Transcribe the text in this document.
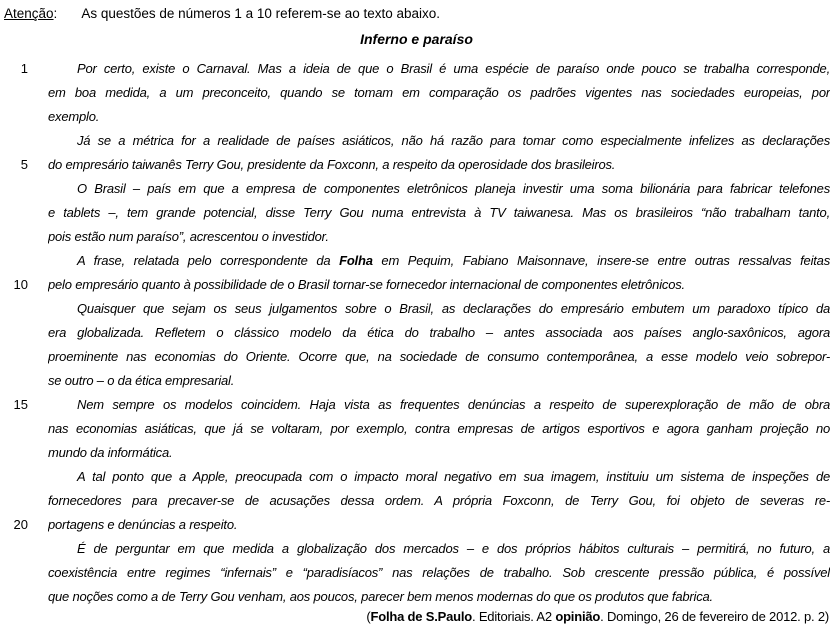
Atenção: As questões de números 1 a 10 referem-se ao texto abaixo.
Inferno e paraíso
1	Por certo, existe o Carnaval. Mas a ideia de que o Brasil é uma espécie de paraíso onde pouco se trabalha corresponde,
em boa medida, a um preconceito, quando se tomam em comparação os padrões vigentes nas sociedades europeias, por
exemplo.
Já se a métrica for a realidade de países asiáticos, não há razão para tomar como especialmente infelizes as declarações
5 do empresário taiwanês Terry Gou, presidente da Foxconn, a respeito da operosidade dos brasileiros.
O Brasil – país em que a empresa de componentes eletrônicos planeja investir uma soma bilionária para fabricar telefones
e tablets –, tem grande potencial, disse Terry Gou numa entrevista à TV taiwanesa. Mas os brasileiros “não trabalham tanto,
pois estão num paraíso”, acrescentou o investidor.
A frase, relatada pelo correspondente da Folha em Pequim, Fabiano Maisonnave, insere-se entre outras ressalvas feitas
10 pelo empresário quanto à possibilidade de o Brasil tornar-se fornecedor internacional de componentes eletrônicos.
Quaisquer que sejam os seus julgamentos sobre o Brasil, as declarações do empresário embutem um paradoxo típico da
era globalizada. Refletem o clássico modelo da ética do trabalho – antes associada aos países anglo-saxônicos, agora
proeminente nas economias do Oriente. Ocorre que, na sociedade de consumo contemporânea, a esse modelo veio sobrepor-
se outro – o da ética empresarial.
15	Nem sempre os modelos coincidem. Haja vista as frequentes denúncias a respeito de superexploração de mão de obra
nas economias asiáticas, que já se voltaram, por exemplo, contra empresas de artigos esportivos e agora ganham projeção no
mundo da informática.
A tal ponto que a Apple, preocupada com o impacto moral negativo em sua imagem, instituiu um sistema de inspeções de
fornecedores para precaver-se de acusações dessa ordem. A própria Foxconn, de Terry Gou, foi objeto de severas re-
20 portagens e denúncias a respeito.
É de perguntar em que medida a globalização dos mercados – e dos próprios hábitos culturais – permitirá, no futuro, a
coexistência entre regimes “infernais” e “paradisíacos” nas relações de trabalho. Sob crescente pressão pública, é possível
que noções como a de Terry Gou venham, aos poucos, parecer bem menos modernas do que os produtos que fabrica.
(Folha de S.Paulo. Editoriais. A2 opinião. Domingo, 26 de fevereiro de 2012. p. 2)
